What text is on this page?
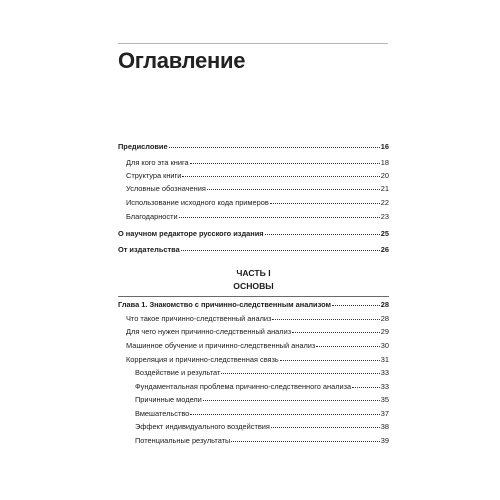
Оглавление
Предисловие	16
Для кого эта книга	18
Структура книги	20
Условные обозначения	21
Использование исходного кода примеров	22
Благодарности	23
О научном редакторе русского издания	25
От издательства	26
ЧАСТЬ I
ОСНОВЫ
Глава 1. Знакомство с причинно-следственным анализом	28
Что такое причинно-следственный анализ	28
Для чего нужен причинно-следственный анализ	29
Машинное обучение и причинно-следственный анализ	30
Корреляция и причинно-следственная связь	31
Воздействие и результат	33
Фундаментальная проблема причинно-следственного анализа	33
Причинные модели	35
Вмешательство	37
Эффект индивидуального воздействия	38
Потенциальные результаты	39
